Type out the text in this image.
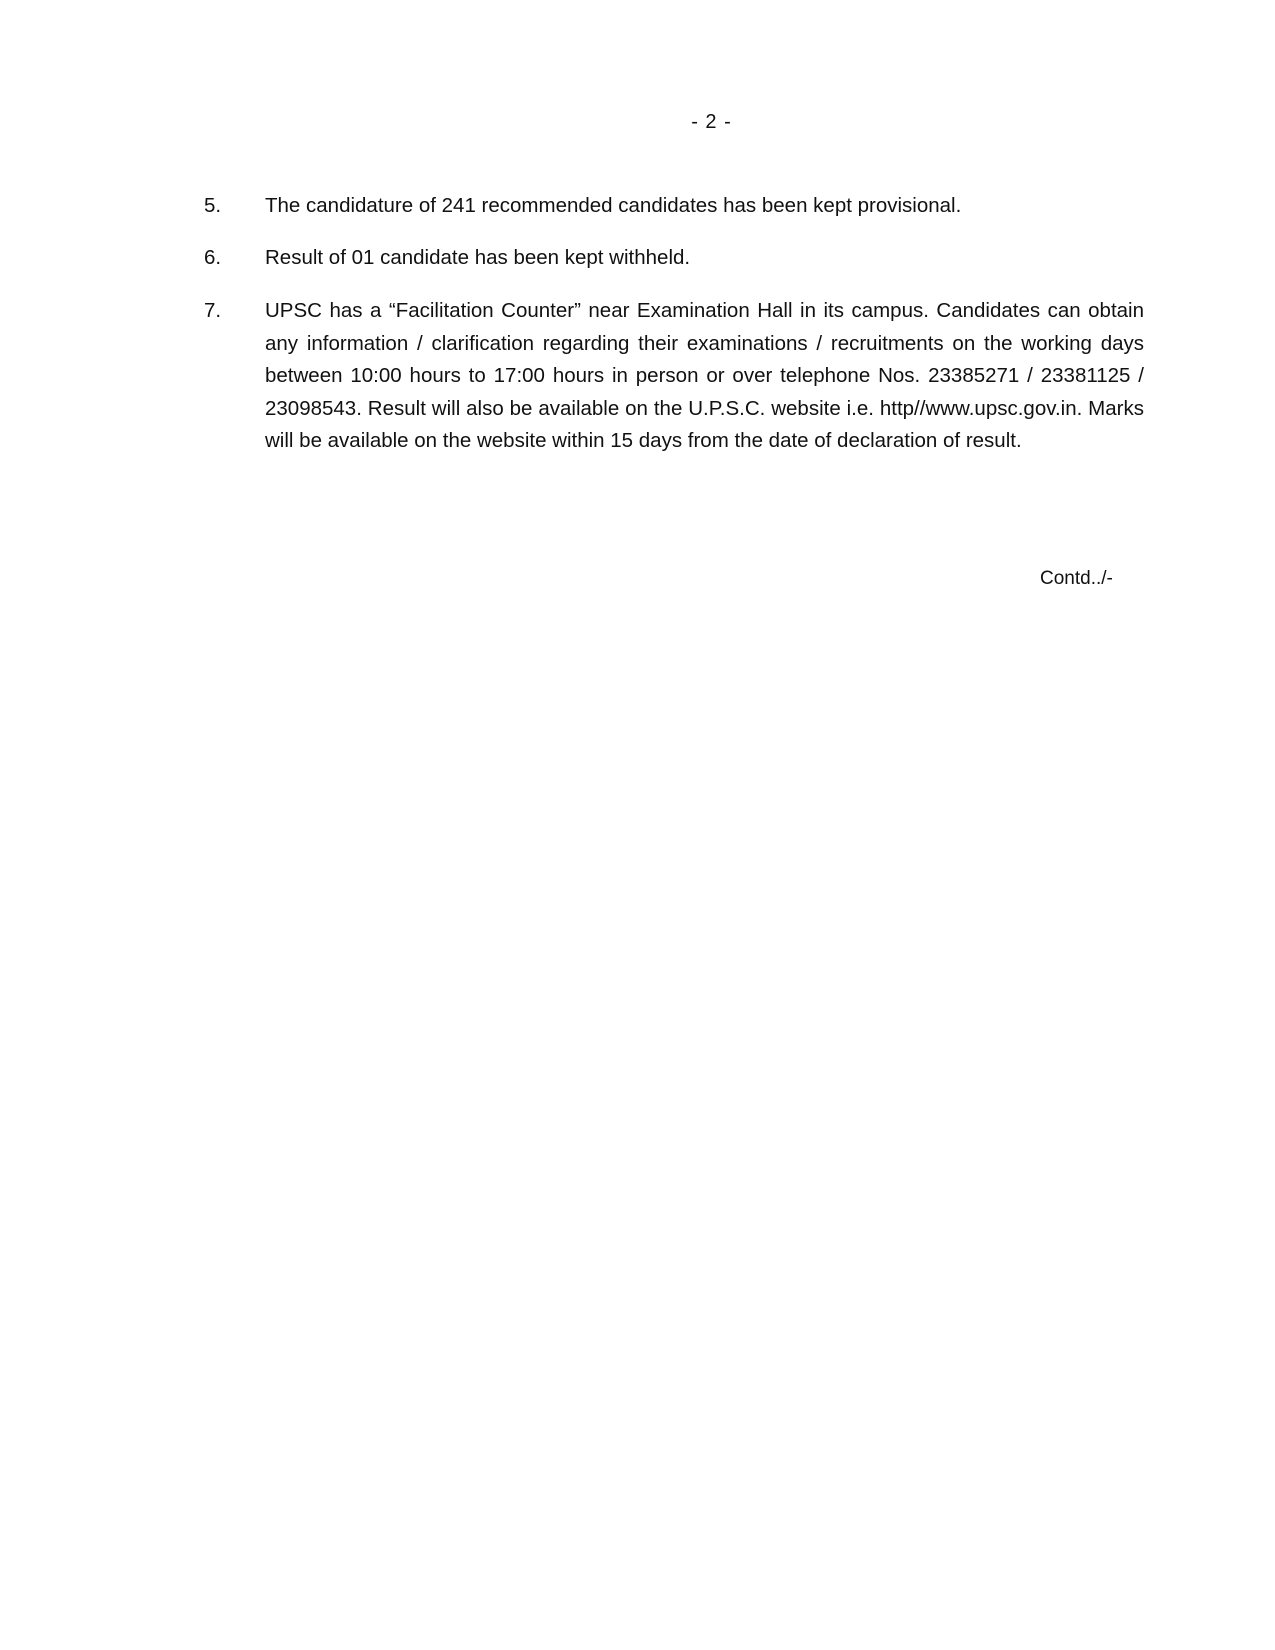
- 2 -
5.	The candidature of 241 recommended candidates has been kept provisional.
6.	Result of 01 candidate has been kept withheld.
7.	UPSC has a “Facilitation Counter” near Examination Hall in its campus. Candidates can obtain any information / clarification regarding their examinations / recruitments on the working days between 10:00 hours to 17:00 hours in person or over telephone Nos. 23385271 / 23381125 / 23098543. Result will also be available on the U.P.S.C. website i.e. http//www.upsc.gov.in. Marks will be available on the website within 15 days from the date of declaration of result.
Contd../-
